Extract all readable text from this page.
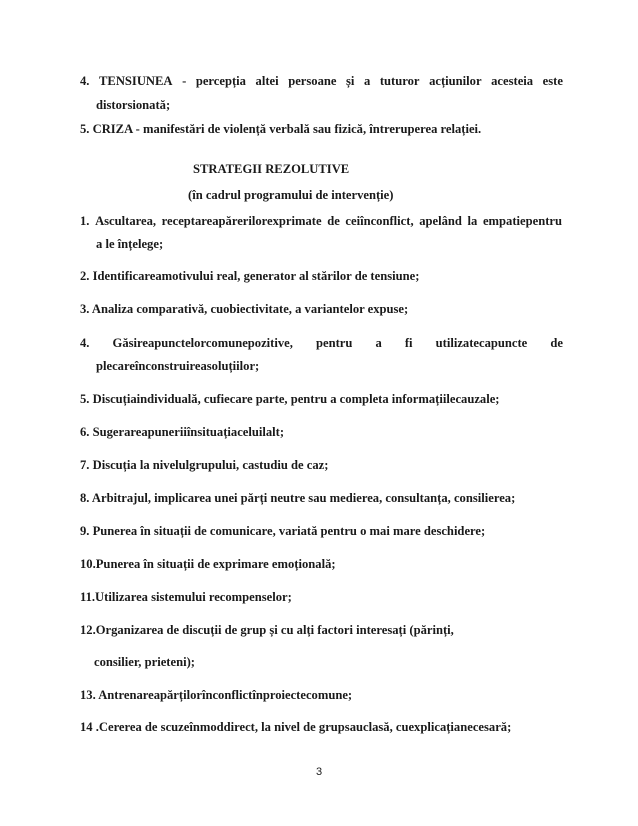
4. TENSIUNEA - percepția altei persoane și a tuturor acțiunilor acesteia este
distorsionată;
5. CRIZA - manifestări de violență verbală sau fizică, întreruperea relației.
STRATEGII REZOLUTIVE
(în cadrul programului de intervenție)
1. Ascultarea, receptareapărerilorexprimate de ceiînconflict, apelând la empatiepentru
a le înțelege;
2. Identificareamotivului real, generator al stărilor de tensiune;
3. Analiza comparativă, cuobiectivitate, a variantelor expuse;
4. Găsireapunctelorcomunepozitive, pentru a fi utilizatecapuncte de
plecareînconstruireasoluțiilor;
5. Discuțiaindividuală, cufiecare parte, pentru a completa informațiilecauzale;
6. Sugerareapuneriiînsituațiaceluilalt;
7. Discuția la nivelulgrupului, castudiu de caz;
8. Arbitrajul, implicarea unei părți neutre sau medierea, consultanța, consilierea;
9. Punerea în situații de comunicare, variată pentru o mai mare deschidere;
10.Punerea în situații de exprimare emoțională;
11.Utilizarea sistemului recompenselor;
12.Organizarea de discuții de grup și cu alți factori interesați (părinți,
consilier, prieteni);
13. Antrenareapărțilorînconflictînproiectecomune;
14 .Cererea de scuzeînmoddirect, la nivel de grupsauclasă, cuexplicațianecesară;
3
